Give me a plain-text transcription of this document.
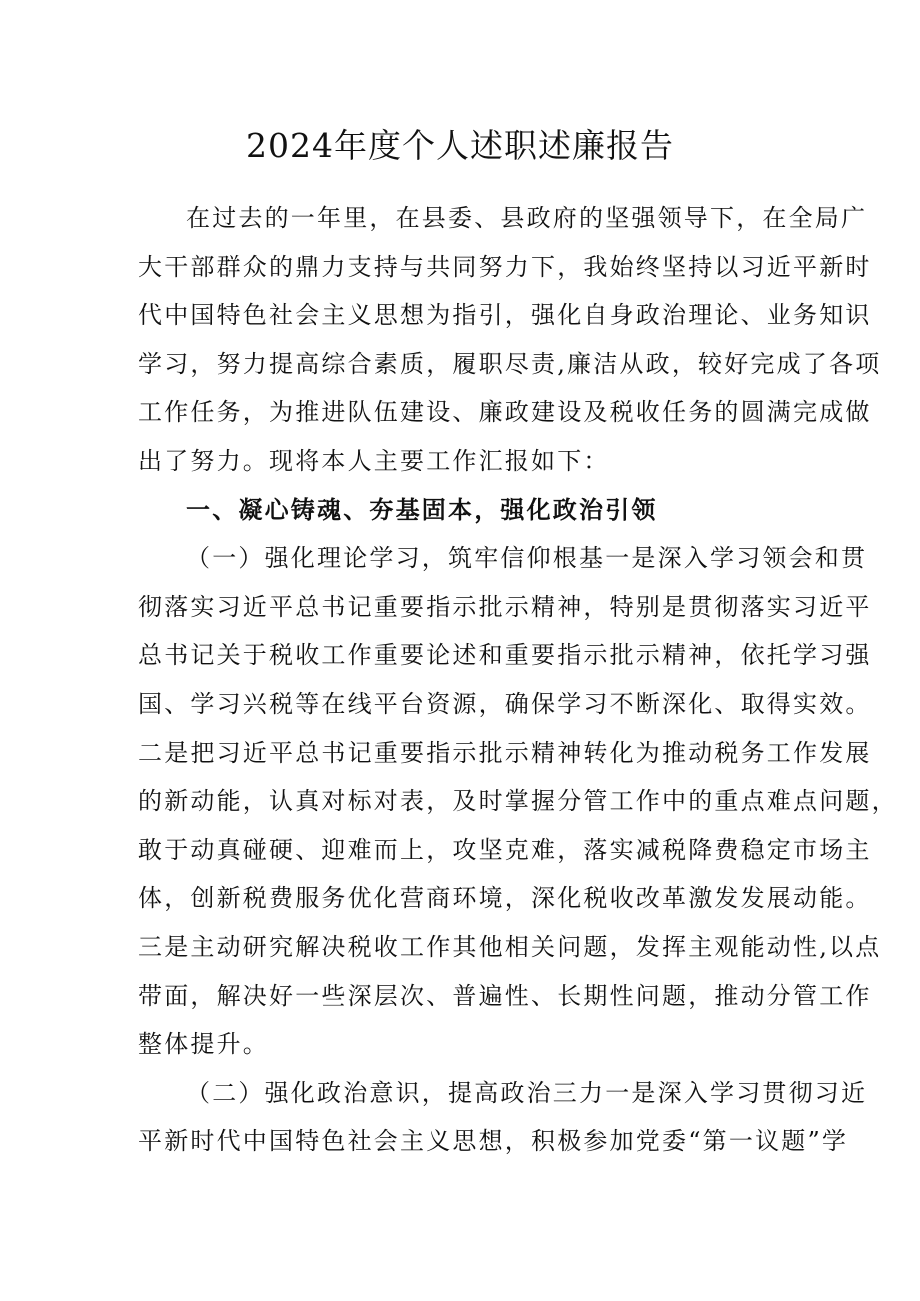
2024年度个人述职述廉报告
在过去的一年里，在县委、县政府的坚强领导下，在全局广
大干部群众的鼎力支持与共同努力下，我始终坚持以习近平新时
代中国特色社会主义思想为指引，强化自身政治理论、业务知识
学习，努力提高综合素质，履职尽责,廉洁从政，较好完成了各项
工作任务，为推进队伍建设、廉政建设及税收任务的圆满完成做
出了努力。现将本人主要工作汇报如下：
一、凝心铸魂、夯基固本，强化政治引领
（一）强化理论学习，筑牢信仰根基一是深入学习领会和贯
彻落实习近平总书记重要指示批示精神，特别是贯彻落实习近平
总书记关于税收工作重要论述和重要指示批示精神，依托学习强
国、学习兴税等在线平台资源，确保学习不断深化、取得实效。
二是把习近平总书记重要指示批示精神转化为推动税务工作发展
的新动能，认真对标对表，及时掌握分管工作中的重点难点问题，
敢于动真碰硬、迎难而上，攻坚克难，落实减税降费稳定市场主
体，创新税费服务优化营商环境，深化税收改革激发发展动能。
三是主动研究解决税收工作其他相关问题，发挥主观能动性,以点
带面，解决好一些深层次、普遍性、长期性问题，推动分管工作
整体提升。
（二）强化政治意识，提高政治三力一是深入学习贯彻习近
平新时代中国特色社会主义思想，积极参加党委“第一议题”学
